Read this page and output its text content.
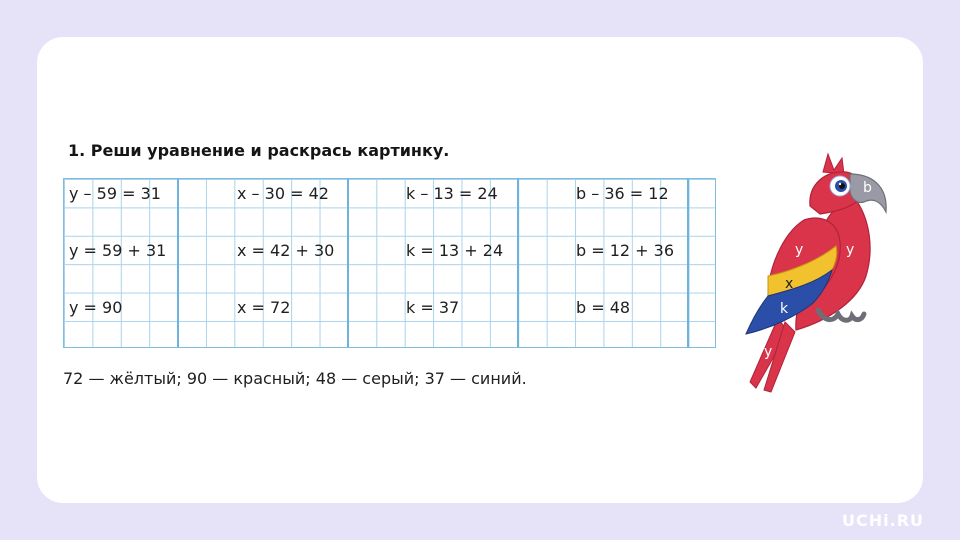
1. Реши уравнение и раскрась картинку.
y – 59 = 31
y = 59 + 31
y = 90
x – 30 = 42
x = 42 + 30
x = 72
k – 13 = 24
k = 13 + 24
k = 37
b – 36 = 12
b = 12 + 36
b = 48
72 — жёлтый; 90 — красный; 48 — серый; 37 — синий.
y	y
b
x
k
y
UCHi.RU
